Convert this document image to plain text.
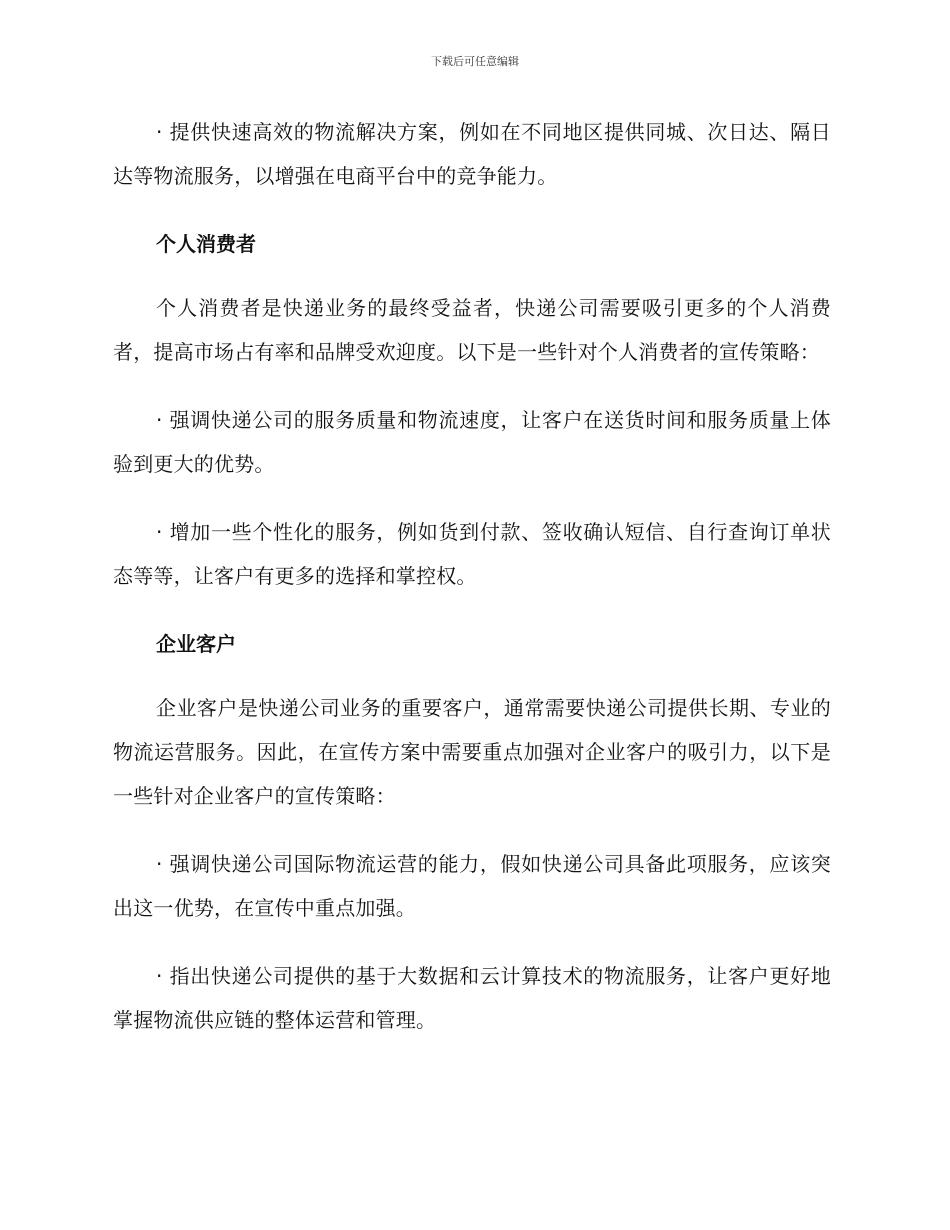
下载后可任意编辑

· 提供快速高效的物流解决方案，例如在不同地区提供同城、次日达、隔日达等物流服务，以增强在电商平台中的竞争能力。

个人消费者

个人消费者是快递业务的最终受益者，快递公司需要吸引更多的个人消费者，提高市场占有率和品牌受欢迎度。以下是一些针对个人消费者的宣传策略：

· 强调快递公司的服务质量和物流速度，让客户在送货时间和服务质量上体验到更大的优势。

· 增加一些个性化的服务，例如货到付款、签收确认短信、自行查询订单状态等等，让客户有更多的选择和掌控权。

企业客户

企业客户是快递公司业务的重要客户，通常需要快递公司提供长期、专业的物流运营服务。因此，在宣传方案中需要重点加强对企业客户的吸引力，以下是一些针对企业客户的宣传策略：

· 强调快递公司国际物流运营的能力，假如快递公司具备此项服务，应该突出这一优势，在宣传中重点加强。

· 指出快递公司提供的基于大数据和云计算技术的物流服务，让客户更好地掌握物流供应链的整体运营和管理。
